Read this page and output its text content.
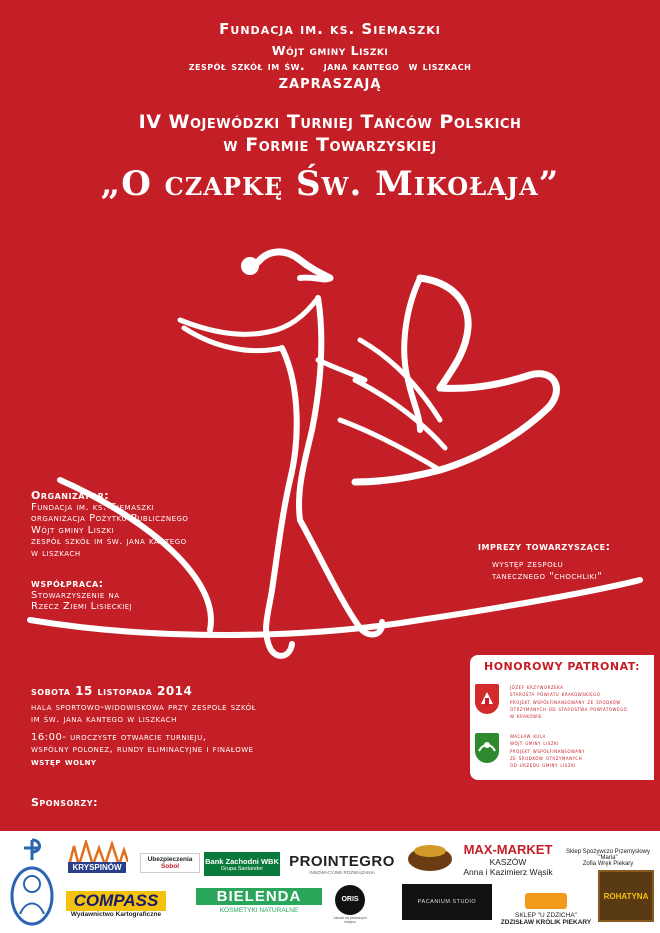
Fundacja im. ks. Siemaszki
Wójt gminy Liszki
zespół szkół im św.    jana kantego  w liszkach
ZAPRASZAJĄ
IV Wojewódzki Turniej Tańców Polskich
w Formie Towarzyskiej
„O czapkę Św. Mikołaja”
Organizator:
Fundacja im. ks. Siemaszki
organizacja Pożytku Publicznego
Wójt gminy Liszki
zespół szkół im św. jana kantego
w liszkach
współpraca:
Stowarzyszenie na
Rzecz Ziemi Lisieckiej
imprezy towarzyszące:
występ zespołu
tanecznego "chochliki"
HONOROWY PATRONAT:
józef krzyworzeka
starosta powiatu krakowskiego
projekt współfinansowany ze środków
otrzymanych od starostwa powiatowego
w krakowie
wacław kula
wójt gminy liszki
projekt współfinansowany
ze środków otrzymanych
od urzędu gminy liszki
sobota 15 listopada 2014
hala sportowo-widowiskowa przy zespole szkół
im św. jana kantego w liszkach
16:00- uroczyste otwarcie turnieju,
wspólny polonez, rundy eliminacyjne i finałowe
wstęp wolny
Sponsorzy:
KRYSPINÓW
Ubezpieczenia
Sobol
Bank Zachodni WBK
Grupa Santander PROINTEGRO
INNOWACYJNE ROZWIĄZANIA
MAX-MARKET
KASZÓW
Anna i Kazimierz Wąsik
Sklep Spożywczo Przemysłowy
"Maria"
Zofia Wręk Piekary
COMPASS
Wydawnictwo Kartograficzne
BIELENDA
KOSMETYKI NATURALNE
ORIS
Jakość na pierwszym miejscu
PACANIUM STUDIO
SKLEP "U ZDZICHA"
ZDZISŁAW KRÓLIK PIEKARY
ROHATYNA
